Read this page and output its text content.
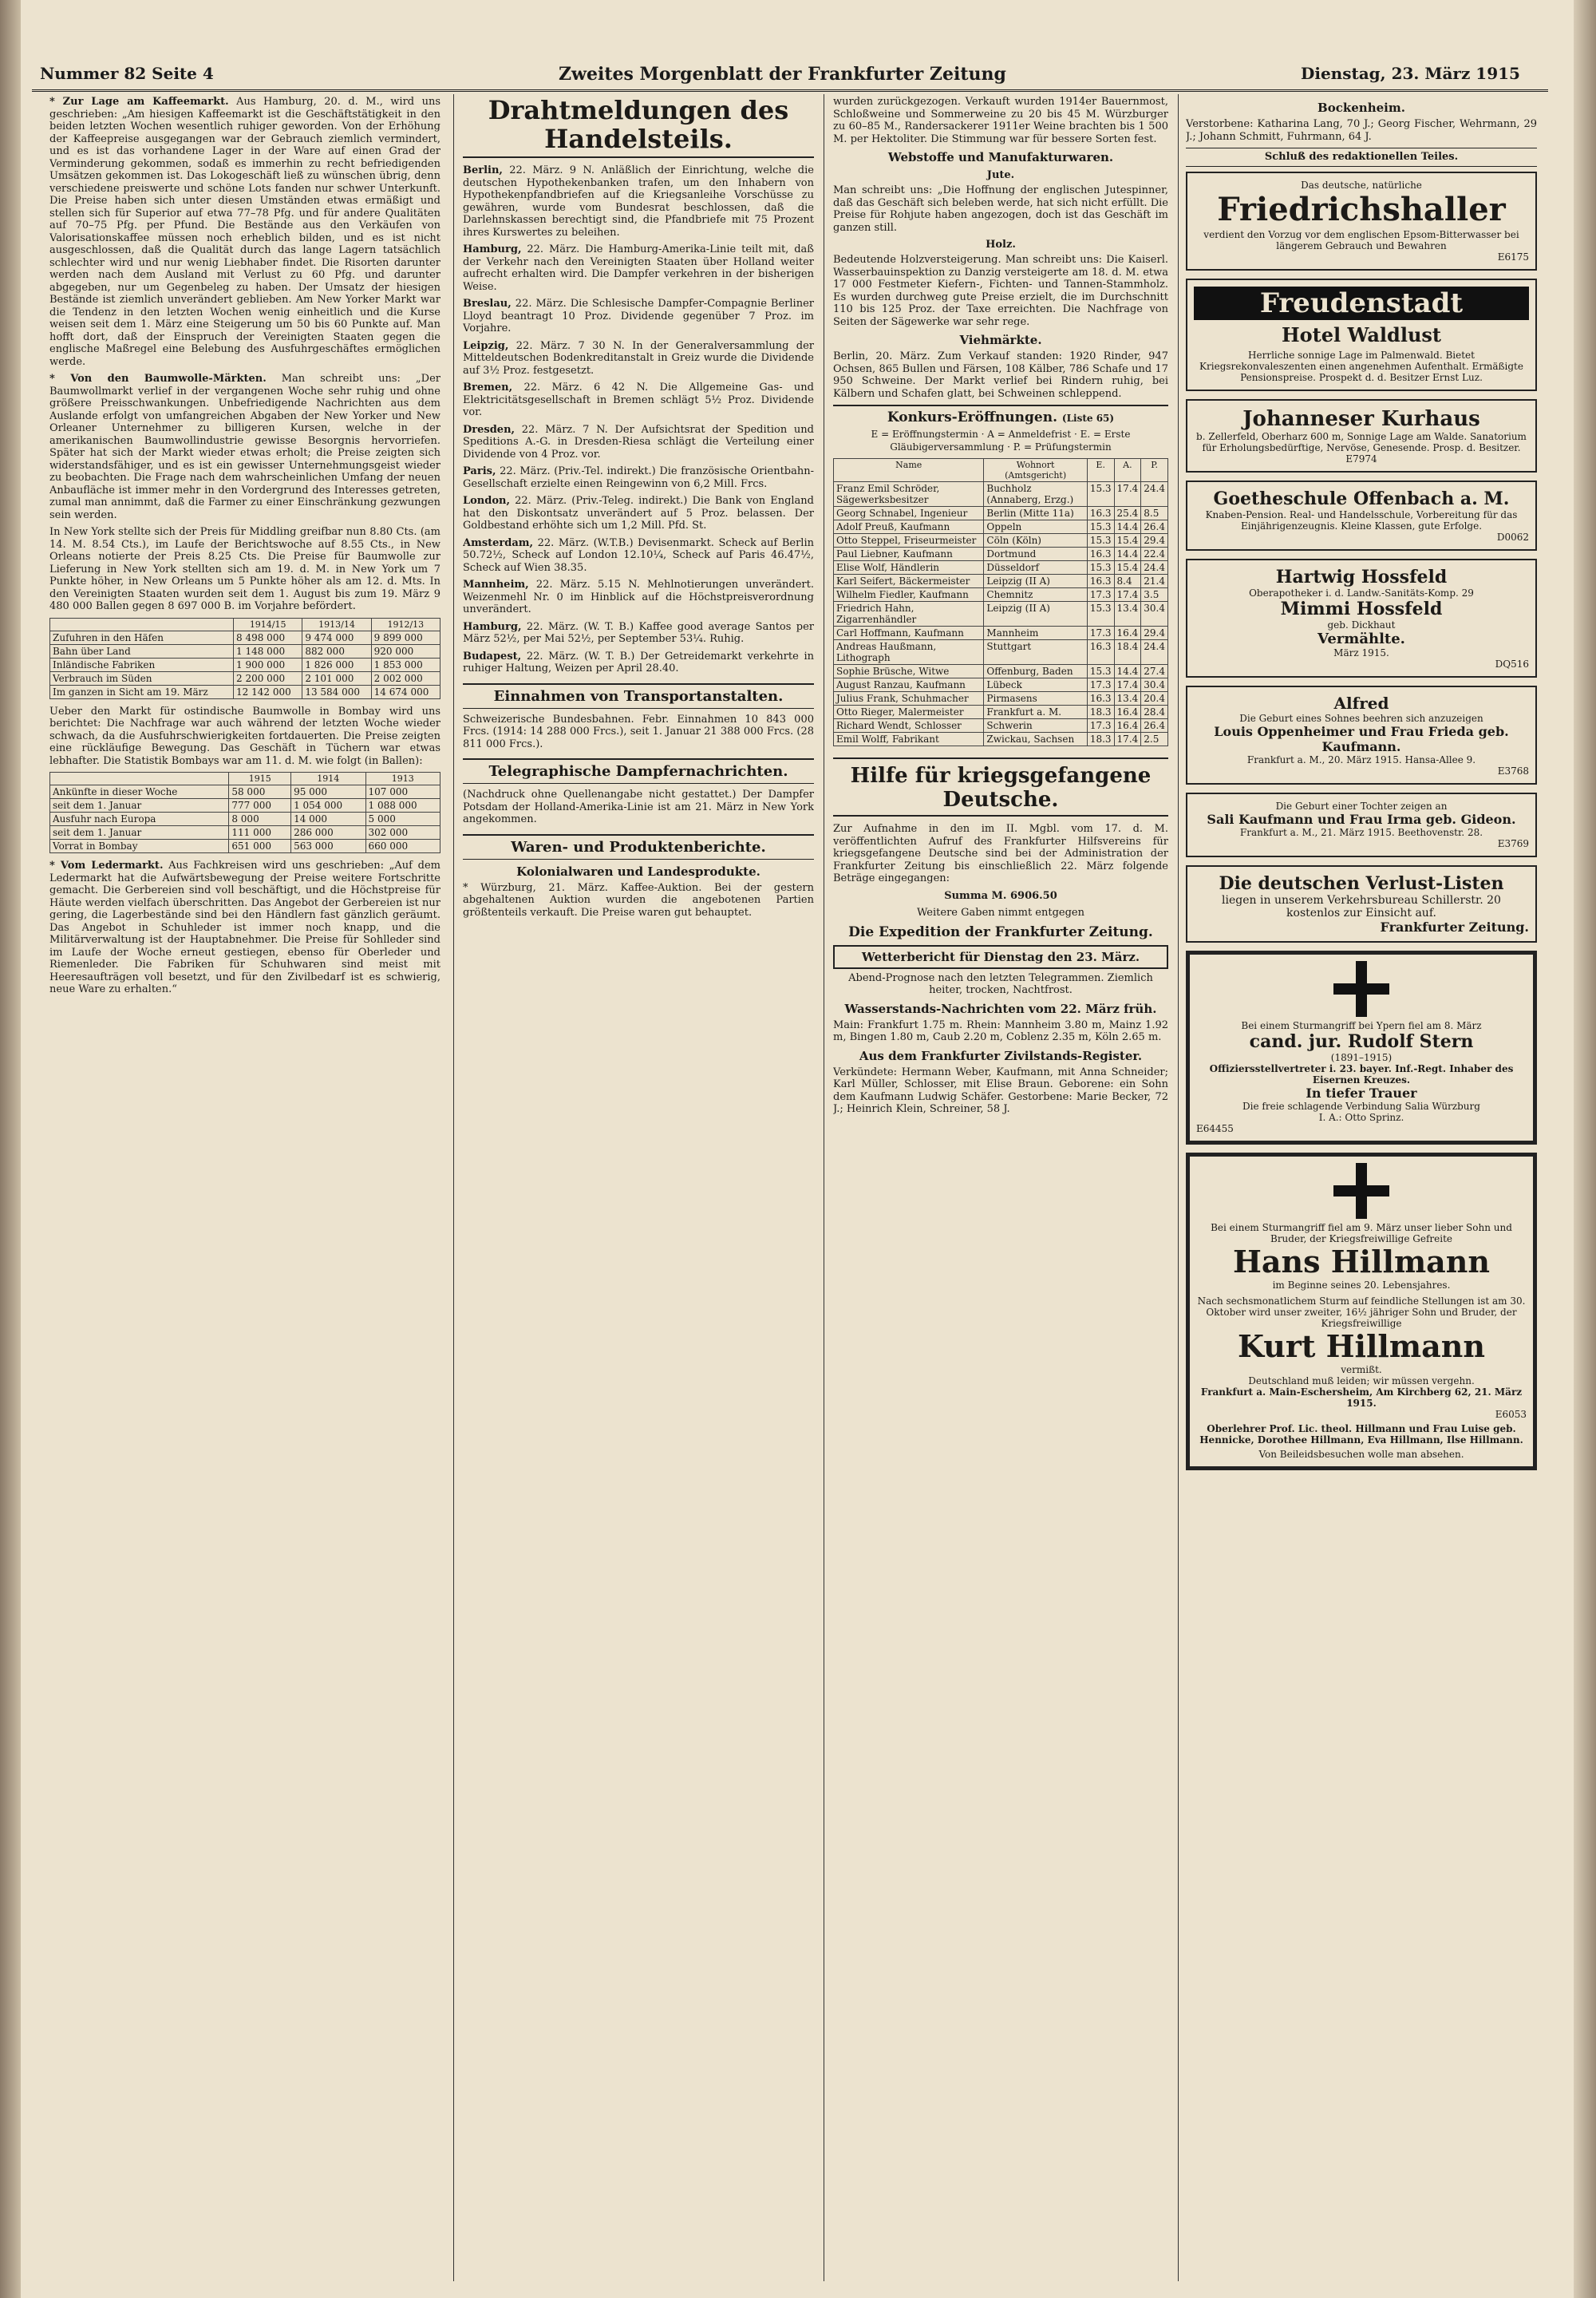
Nummer 82 Seite 4	Zweites Morgenblatt der Frankfurter Zeitung	Dienstag, 23. März 1915

* Zur Lage am Kaffeemarkt. Aus Hamburg, 20. d. M., wird uns geschrieben: „Am hiesigen Kaffeemarkt ist die Geschäftstätigkeit in den beiden letzten Wochen wesentlich ruhiger geworden. Von der Erhöhung der Kaffeepreise ausgegangen war der Gebrauch ziemlich vermindert, und es ist das vorhandene Lager in der Ware auf einen Grad der Verminderung gekommen, sodaß es immerhin zu recht befriedigenden Umsätzen gekommen ist. Das Lokogeschäft ließ zu wünschen übrig, denn verschiedene preiswerte und schöne Lots fanden nur schwer Unterkunft. Die Preise haben sich unter diesen Umständen etwas ermäßigt und stellen sich für Superior auf etwa 77–78 Pfg. und für andere Qualitäten auf 70–75 Pfg. per Pfund. Die Bestände aus den Verkäufen von Valorisationskaffee müssen noch erheblich bilden, und es ist nicht ausgeschlossen, daß die Qualität durch das lange Lagern tatsächlich schlechter wird und nur wenig Liebhaber findet. Die Risorten darunter werden nach dem Ausland mit Verlust zu 60 Pfg. und darunter abgegeben, nur um Gegenbeleg zu haben. Der Umsatz der hiesigen Bestände ist ziemlich unverändert geblieben. Am New Yorker Markt war die Tendenz in den letzten Wochen wenig einheitlich und die Kurse weisen seit dem 1. März eine Steigerung um 50 bis 60 Punkte auf. Man hofft dort, daß der Einspruch der Vereinigten Staaten gegen die englische Maßregel eine Belebung des Ausfuhrgeschäftes ermöglichen werde.

* Von den Baumwolle-Märkten. Man schreibt uns: „Der Baumwollmarkt verlief in der vergangenen Woche sehr ruhig und ohne größere Preisschwankungen. Unbefriedigende Nachrichten aus dem Auslande erfolgt von umfangreichen Abgaben der New Yorker und New Orleaner Unternehmer zu billigeren Kursen, welche in der amerikanischen Baumwollindustrie gewisse Besorgnis hervorriefen. Später hat sich der Markt wieder etwas erholt; die Preise zeigten sich widerstandsfähiger, und es ist ein gewisser Unternehmungsgeist wieder zu beobachten. Die Frage nach dem wahrscheinlichen Umfang der neuen Anbaufläche ist immer mehr in den Vordergrund des Interesses getreten, zumal man annimmt, daß die Farmer zu einer Einschränkung gezwungen sein werden.

In New York stellte sich der Preis für Middling greifbar nun 8.80 Cts. (am 14. M. 8.54 Cts.), im Laufe der Berichtswoche auf 8.55 Cts., in New Orleans notierte der Preis 8.25 Cts. Die Preise für Baumwolle zur Lieferung in New York stellten sich am 19. d. M. in New York um 7 Punkte höher, in New Orleans um 5 Punkte höher als am 12. d. Mts. In den Vereinigten Staaten wurden seit dem 1. August bis zum 19. März 9 480 000 Ballen gegen 8 697 000 B. im Vorjahre befördert.

	1914/15	1913/14	1912/13
Zufuhren in den Häfen	8 498 000	9 474 000	9 899 000
Bahn über Land	1 148 000	882 000	920 000
Inländische Fabriken	1 900 000	1 826 000	1 853 000
Verbrauch im Süden	2 200 000	2 101 000	2 002 000
Im ganzen in Sicht am 19. März	12 142 000	13 584 000	14 674 000

Ueber den Markt für ostindische Baumwolle in Bombay wird uns berichtet: Die Nachfrage war auch während der letzten Woche wieder schwach, da die Ausfuhrschwierigkeiten fortdauerten. Die Preise zeigten eine rückläufige Bewegung. Das Geschäft in Tüchern war etwas lebhafter. Die Statistik Bombays war am 11. d. M. wie folgt (in Ballen):

	1915	1914	1913
Ankünfte in dieser Woche	58 000	95 000	107 000
seit dem 1. Januar	777 000	1 054 000	1 088 000
Ausfuhr nach Europa	8 000	14 000	5 000
seit dem 1. Januar	111 000	286 000	302 000
Vorrat in Bombay	651 000	563 000	660 000

* Vom Ledermarkt. Aus Fachkreisen wird uns geschrieben: „Auf dem Ledermarkt hat die Aufwärtsbewegung der Preise weitere Fortschritte gemacht. Die Gerbereien sind voll beschäftigt, und die Höchstpreise für Häute werden vielfach überschritten. Das Angebot der Gerbereien ist nur gering, die Lagerbestände sind bei den Händlern fast gänzlich geräumt. Das Angebot in Schuhleder ist immer noch knapp, und die Militärverwaltung ist der Hauptabnehmer. Die Preise für Sohlleder sind im Laufe der Woche erneut gestiegen, ebenso für Oberleder und Riemenleder. Die Fabriken für Schuhwaren sind meist mit Heeresaufträgen voll besetzt, und für den Zivilbedarf ist es schwierig, neue Ware zu erhalten.“

Drahtmeldungen des Handelsteils.

Berlin, 22. März. 9 N. Anläßlich der Einrichtung, welche die deutschen Hypothekenbanken trafen, um den Inhabern von Hypothekenpfandbriefen auf die Kriegsanleihe Vorschüsse zu gewähren, wurde vom Bundesrat beschlossen, daß die Darlehnskassen berechtigt sind, die Pfandbriefe mit 75 Prozent ihres Kurswertes zu beleihen.

Hamburg, 22. März. Die Hamburg-Amerika-Linie teilt mit, daß der Verkehr nach den Vereinigten Staaten über Holland weiter aufrecht erhalten wird. Die Dampfer verkehren in der bisherigen Weise.

Breslau, 22. März. Die Schlesische Dampfer-Compagnie Berliner Lloyd beantragt 10 Proz. Dividende gegenüber 7 Proz. im Vorjahre.

Leipzig, 22. März. 7 30 N. In der Generalversammlung der Mitteldeutschen Bodenkreditanstalt in Greiz wurde die Dividende auf 3½ Proz. festgesetzt.

Bremen, 22. März. 6 42 N. Die Allgemeine Gas- und Elektricitätsgesellschaft in Bremen schlägt 5½ Proz. Dividende vor.

Dresden, 22. März. 7 N. Der Aufsichtsrat der Spedition und Speditions A.-G. in Dresden-Riesa schlägt die Verteilung einer Dividende von 4 Proz. vor.

Paris, 22. März. (Priv.-Tel. indirekt.) Die französische Orientbahn-Gesellschaft erzielte einen Reingewinn von 6,2 Mill. Frcs.

London, 22. März. (Priv.-Teleg. indirekt.) Die Bank von England hat den Diskontsatz unverändert auf 5 Proz. belassen. Der Goldbestand erhöhte sich um 1,2 Mill. Pfd. St.

Amsterdam, 22. März. (W.T.B.) Devisenmarkt. Scheck auf Berlin 50.72½, Scheck auf London 12.10¼, Scheck auf Paris 46.47½, Scheck auf Wien 38.35.

Mannheim, 22. März. 5.15 N. Mehlnotierungen unverändert. Weizenmehl Nr. 0 im Hinblick auf die Höchstpreisverordnung unverändert.

Hamburg, 22. März. (W. T. B.) Kaffee good average Santos per März 52½, per Mai 52½, per September 53¼. Ruhig.

Budapest, 22. März. (W. T. B.) Der Getreidemarkt verkehrte in ruhiger Haltung, Weizen per April 28.40.

Einnahmen von Transportanstalten.

Schweizerische Bundesbahnen. Febr. Einnahmen 10 843 000 Frcs. (1914: 14 288 000 Frcs.), seit 1. Januar 21 388 000 Frcs. (28 811 000 Frcs.).

Telegraphische Dampfernachrichten.

(Nachdruck ohne Quellenangabe nicht gestattet.) Der Dampfer Potsdam der Holland-Amerika-Linie ist am 21. März in New York angekommen.

Waren- und Produktenberichte.
Kolonialwaren und Landesprodukte.

* Würzburg, 21. März. Kaffee-Auktion. Bei der gestern abgehaltenen Auktion wurden die angebotenen Partien größtenteils verkauft. Die Preise waren gut behauptet.

wurden zurückgezogen. Verkauft wurden 1914er Bauernmost, Schloßweine und Sommerweine zu 20 bis 45 M. Würzburger zu 60–85 M., Randersackerer 1911er Weine brachten bis 1 500 M. per Hektoliter. Die Stimmung war für bessere Sorten fest.

Webstoffe und Manufakturwaren.
Jute.

Man schreibt uns: „Die Hoffnung der englischen Jutespinner, daß das Geschäft sich beleben werde, hat sich nicht erfüllt. Die Preise für Rohjute haben angezogen, doch ist das Geschäft im ganzen still.

Holz.

Bedeutende Holzversteigerung. Man schreibt uns: Die Kaiserl. Wasserbauinspektion zu Danzig versteigerte am 18. d. M. etwa 17 000 Festmeter Kiefern-, Fichten- und Tannen-Stammholz. Es wurden durchweg gute Preise erzielt, die im Durchschnitt 110 bis 125 Proz. der Taxe erreichten. Die Nachfrage von Seiten der Sägewerke war sehr rege.

Viehmärkte.

Berlin, 20. März. Zum Verkauf standen: 1920 Rinder, 947 Ochsen, 865 Bullen und Färsen, 108 Kälber, 786 Schafe und 17 950 Schweine. Der Markt verlief bei Rindern ruhig, bei Kälbern und Schafen glatt, bei Schweinen schleppend.

Konkurs-Eröffnungen. (Liste 65)

E = Eröffnungstermin · A = Anmeldefrist · E. = Erste Gläubigerversammlung · P. = Prüfungstermin

Name	Wohnort (Amtsgericht)	E.	A.	P.
Franz Emil Schröder, Sägewerksbesitzer	Buchholz (Annaberg, Erzg.)	15.3	17.4	24.4
Georg Schnabel, Ingenieur	Berlin (Mitte 11a)	16.3	25.4	8.5
Adolf Preuß, Kaufmann	Oppeln	15.3	14.4	26.4
Otto Steppel, Friseurmeister	Cöln (Köln)	15.3	15.4	29.4
Paul Liebner, Kaufmann	Dortmund	16.3	14.4	22.4
Elise Wolf, Händlerin	Düsseldorf	15.3	15.4	24.4
Karl Seifert, Bäckermeister	Leipzig (II A)	16.3	8.4	21.4
Wilhelm Fiedler, Kaufmann	Chemnitz	17.3	17.4	3.5
Friedrich Hahn, Zigarrenhändler	Leipzig (II A)	15.3	13.4	30.4
Carl Hoffmann, Kaufmann	Mannheim	17.3	16.4	29.4
Andreas Haußmann, Lithograph	Stuttgart	16.3	18.4	24.4
Sophie Brüsche, Witwe	Offenburg, Baden	15.3	14.4	27.4
August Ranzau, Kaufmann	Lübeck	17.3	17.4	30.4
Julius Frank, Schuhmacher	Pirmasens	16.3	13.4	20.4
Otto Rieger, Malermeister	Frankfurt a. M.	18.3	16.4	28.4
Richard Wendt, Schlosser	Schwerin	17.3	16.4	26.4
Emil Wolff, Fabrikant	Zwickau, Sachsen	18.3	17.4	2.5
Hilfe für kriegsgefangene Deutsche.

Zur Aufnahme in den im II. Mgbl. vom 17. d. M. veröffentlichten Aufruf des Frankfurter Hilfsvereins für kriegsgefangene Deutsche sind bei der Administration der Frankfurter Zeitung bis einschließlich 22. März folgende Beträge eingegangen:

Summa M. 6906.50

Weitere Gaben nimmt entgegen

Die Expedition der Frankfurter Zeitung.
Wetterbericht für Dienstag den 23. März.

Abend-Prognose nach den letzten Telegrammen. Ziemlich heiter, trocken, Nachtfrost.

Wasserstands-Nachrichten vom 22. März früh.

Main: Frankfurt 1.75 m. Rhein: Mannheim 3.80 m, Mainz 1.92 m, Bingen 1.80 m, Caub 2.20 m, Coblenz 2.35 m, Köln 2.65 m.

Aus dem Frankfurter Zivilstands-Register.

Verkündete: Hermann Weber, Kaufmann, mit Anna Schneider; Karl Müller, Schlosser, mit Elise Braun. Geborene: ein Sohn dem Kaufmann Ludwig Schäfer. Gestorbene: Marie Becker, 72 J.; Heinrich Klein, Schreiner, 58 J.

Bockenheim.

Verstorbene: Katharina Lang, 70 J.; Georg Fischer, Wehrmann, 29 J.; Johann Schmitt, Fuhrmann, 64 J.

Schluß des redaktionellen Teiles.

Das deutsche, natürliche
Friedrichshaller
verdient den Vorzug vor dem englischen Epsom-Bitterwasser bei längerem Gebrauch und Bewahren
E6175
Freudenstadt
Hotel Waldlust
Herrliche sonnige Lage im Palmenwald. Bietet Kriegsrekonvaleszenten einen angenehmen Aufenthalt. Ermäßigte Pensionspreise. Prospekt d. d. Besitzer Ernst Luz.
Johanneser Kurhaus
b. Zellerfeld, Oberharz 600 m, Sonnige Lage am Walde. Sanatorium für Erholungsbedürftige, Nervöse, Genesende. Prosp. d. Besitzer.
E7974
Goetheschule Offenbach a. M.
Knaben-Pension. Real- und Handelsschule, Vorbereitung für das Einjährigenzeugnis. Kleine Klassen, gute Erfolge.
D0062
Hartwig Hossfeld
Oberapotheker i. d. Landw.-Sanitäts-Komp. 29
Mimmi Hossfeld
geb. Dickhaut
Vermählte.
März 1915.
DQ516
Alfred
Die Geburt eines Sohnes beehren sich anzuzeigen
Louis Oppenheimer und Frau Frieda geb. Kaufmann.
Frankfurt a. M., 20. März 1915. Hansa-Allee 9.
E3768
Die Geburt einer Tochter zeigen an
Sali Kaufmann und Frau Irma geb. Gideon.
Frankfurt a. M., 21. März 1915. Beethovenstr. 28.
E3769
Die deutschen Verlust-Listen
liegen in unserem Verkehrsbureau Schillerstr. 20 kostenlos zur Einsicht auf.
Frankfurter Zeitung.
Bei einem Sturmangriff bei Ypern fiel am 8. März
cand. jur. Rudolf Stern
(1891–1915)
Offiziersstellvertreter i. 23. bayer. Inf.-Regt. Inhaber des Eisernen Kreuzes.
In tiefer Trauer
Die freie schlagende Verbindung Salia Würzburg
I. A.: Otto Sprinz.
E64455
Bei einem Sturmangriff fiel am 9. März unser lieber Sohn und Bruder, der Kriegsfreiwillige Gefreite
Hans Hillmann
im Beginne seines 20. Lebensjahres.
Nach sechsmonatlichem Sturm auf feindliche Stellungen ist am 30. Oktober wird unser zweiter, 16½ jähriger Sohn und Bruder, der Kriegsfreiwillige
Kurt Hillmann
vermißt.
Deutschland muß leiden; wir müssen vergehn.
Frankfurt a. Main-Eschersheim, Am Kirchberg 62, 21. März 1915.
E6053
Oberlehrer Prof. Lic. theol. Hillmann und Frau Luise geb. Hennicke, Dorothee Hillmann, Eva Hillmann, Ilse Hillmann.
Von Beileidsbesuchen wolle man absehen.
